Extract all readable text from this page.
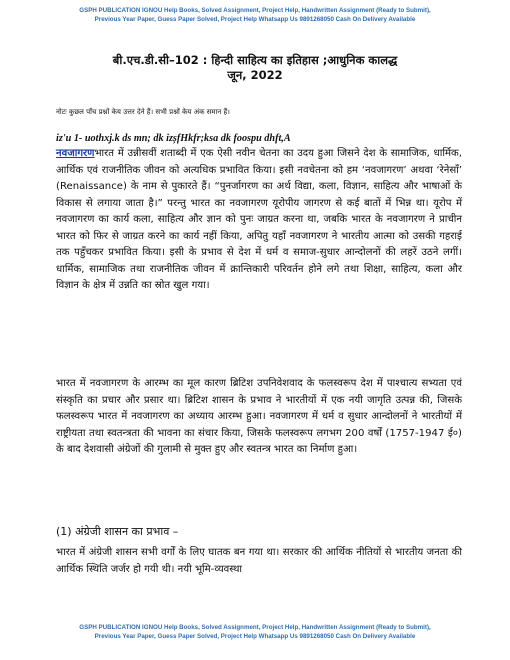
GSPH PUBLICATION IGNOU Help Books, Solved Assignment, Project Help, Handwritten Assignment (Ready to Submit),
Previous Year Paper, Guess Paper Solved, Project Help Whatsapp Us 9891268050 Cash On Delivery Available
बी.एच.डी.सी–102 : हिन्दी साहित्य का इतिहास ;आधुनिक कालद्ध
जून, 2022
नोटः कुछल पाँच प्रश्नों केय उत्तर देने हैं। सभी प्रश्नों केय अंक समान हैं।
iz'u 1- uothxj.k ds mn; dk izșfHkfr;ksa dk foospu dhft,A
नवजागरणभारत में उन्नीसवीं शताब्दी में एक ऐसी नवीन चेतना का उदय हुआ जिसने देश के सामाजिक, धार्मिक, आर्थिक एवं राजनीतिक जीवन को अत्यधिक प्रभावित किया। इसी नवचेतना को हम ‘नवजागरण’ अथवा ‘रेनेसाँ’ (Renaissance) के नाम से पुकारते हैं। “पुनर्जागरण का अर्थ विद्या, कला, विज्ञान, साहित्य और भाषाओं के विकास से लगाया जाता है।” परन्तु भारत का नवजागरण यूरोपीय जागरण से कई बातों में भिन्न था। यूरोप में नवजागरण का कार्य कला, साहित्य और ज्ञान को पुनः जाग्रत करना था, जबकि भारत के नवजागरण ने प्राचीन भारत को फिर से जाग्रत करने का कार्य नहीं किया, अपितु यहाँ नवजागरण ने भारतीय आत्मा को उसकी गहराई तक पहुँचकर प्रभावित किया। इसी के प्रभाव से देश में धर्म व समाज-सुधार आन्दोलनों की लहरें उठने लगीं। धार्मिक, सामाजिक तथा राजनीतिक जीवन में क्रान्तिकारी परिवर्तन होने लगे तथा शिक्षा, साहित्य, कला और विज्ञान के क्षेत्र में उन्नति का स्रोत खुल गया।
भारत में नवजागरण के आरम्भ का मूल कारण ब्रिटिश उपनिवेशवाद के फलस्वरूप देश में पाश्चात्य सभ्यता एवं संस्कृति का प्रचार और प्रसार था। ब्रिटिश शासन के प्रभाव ने भारतीयों में एक नयी जागृति उत्पन्न की, जिसके फलस्वरूप भारत में नवजागरण का अध्याय आरम्भ हुआ। नवजागरण में धर्म व सुधार आन्दोलनों ने भारतीयों में राष्ट्रीयता तथा स्वतन्त्रता की भावना का संचार किया, जिसके फलस्वरूप लगभग 200 वर्षों (1757-1947 ई०) के बाद देशवासी अंग्रेजों की गुलामी से मुक्त हुए और स्वतन्त्र भारत का निर्माण हुआ।
(1) अंग्रेजी शासन का प्रभाव –
भारत में अंग्रेजी शासन सभी वर्गों के लिए घातक बन गया था। सरकार की आर्थिक नीतियों से भारतीय जनता की आर्थिक स्थिति जर्जर हो गयी थी। नयी भूमि-व्यवस्था
GSPH PUBLICATION IGNOU Help Books, Solved Assignment, Project Help, Handwritten Assignment (Ready to Submit),
Previous Year Paper, Guess Paper Solved, Project Help Whatsapp Us 9891268050 Cash On Delivery Available
